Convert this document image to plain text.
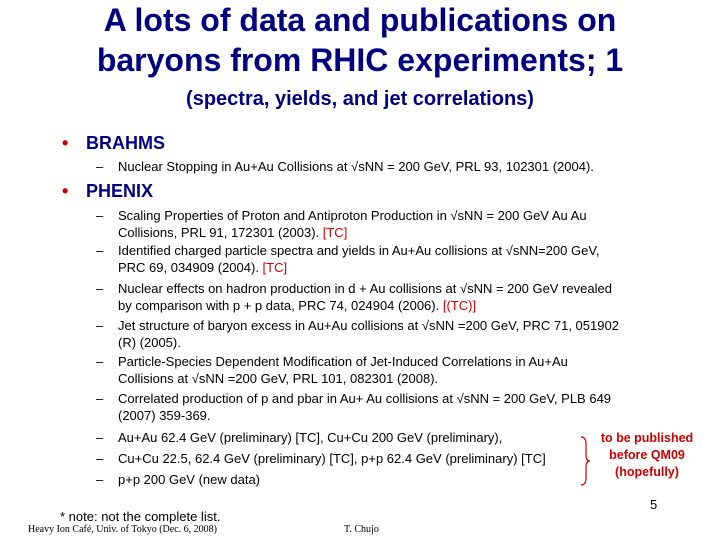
A lots of data and publications on
baryons from RHIC experiments; 1
(spectra, yields, and jet correlations)
• BRAHMS
– Nuclear Stopping in Au+Au Collisions at √sNN = 200 GeV, PRL 93, 102301 (2004).
• PHENIX
– Scaling Properties of Proton and Antiproton Production in √sNN = 200 GeV Au Au
Collisions, PRL 91, 172301 (2003). [TC]
– Identified charged particle spectra and yields in Au+Au collisions at √sNN=200 GeV,
PRC 69, 034909 (2004). [TC]
– Nuclear effects on hadron production in d + Au collisions at √sNN = 200 GeV revealed
by comparison with p + p data, PRC 74, 024904 (2006). [(TC)]
– Jet structure of baryon excess in Au+Au collisions at √sNN =200 GeV, PRC 71, 051902
(R) (2005).
– Particle-Species Dependent Modification of Jet-Induced Correlations in Au+Au
Collisions at √sNN =200 GeV, PRL 101, 082301 (2008).
– Correlated production of p and pbar in Au+ Au collisions at √sNN = 200 GeV, PLB 649
(2007) 359-369.
– Au+Au 62.4 GeV (preliminary) [TC], Cu+Cu 200 GeV (preliminary),
– Cu+Cu 22.5, 62.4 GeV (preliminary) [TC], p+p 62.4 GeV (preliminary) [TC]
– p+p 200 GeV (new data)
to be published
before QM09
(hopefully)
5
* note: not the complete list.
Heavy Ion Café, Univ. of Tokyo (Dec. 6, 2008)	T. Chujo
